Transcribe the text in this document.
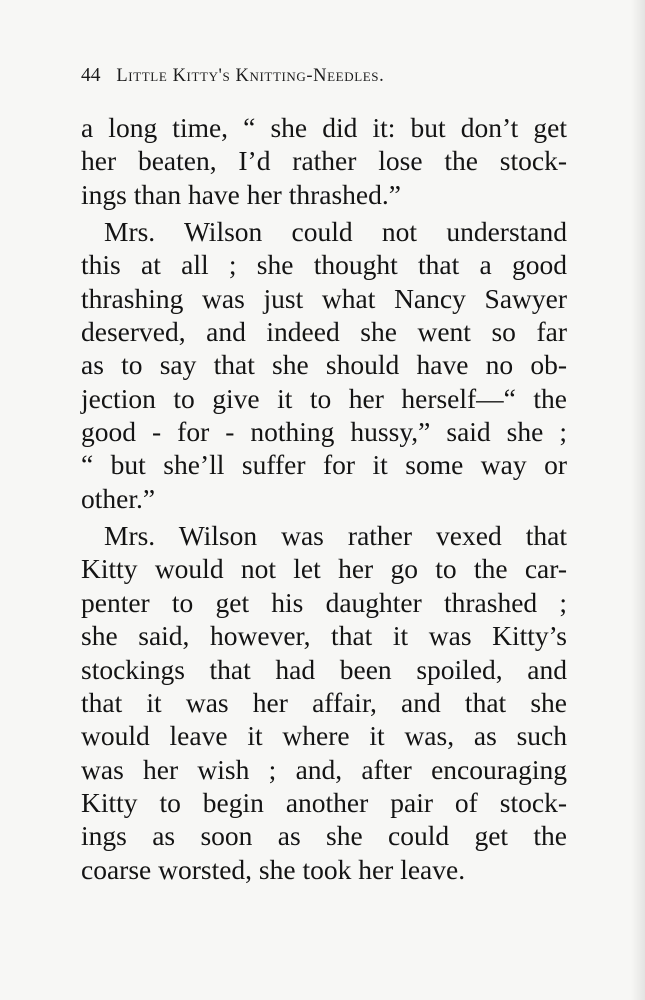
44 Little Kitty's Knitting-Needles.
a long time, “ she did it: but don’t get
her beaten, I’d rather lose the stock-
ings than have her thrashed.”
Mrs. Wilson could not understand
this at all ; she thought that a good
thrashing was just what Nancy Sawyer
deserved, and indeed she went so far
as to say that she should have no ob-
jection to give it to her herself—“ the
good - for - nothing hussy,” said she ;
“ but she’ll suffer for it some way or
other.”
Mrs. Wilson was rather vexed that
Kitty would not let her go to the car-
penter to get his daughter thrashed ;
she said, however, that it was Kitty’s
stockings that had been spoiled, and
that it was her affair, and that she
would leave it where it was, as such
was her wish ; and, after encouraging
Kitty to begin another pair of stock-
ings as soon as she could get the
coarse worsted, she took her leave.
